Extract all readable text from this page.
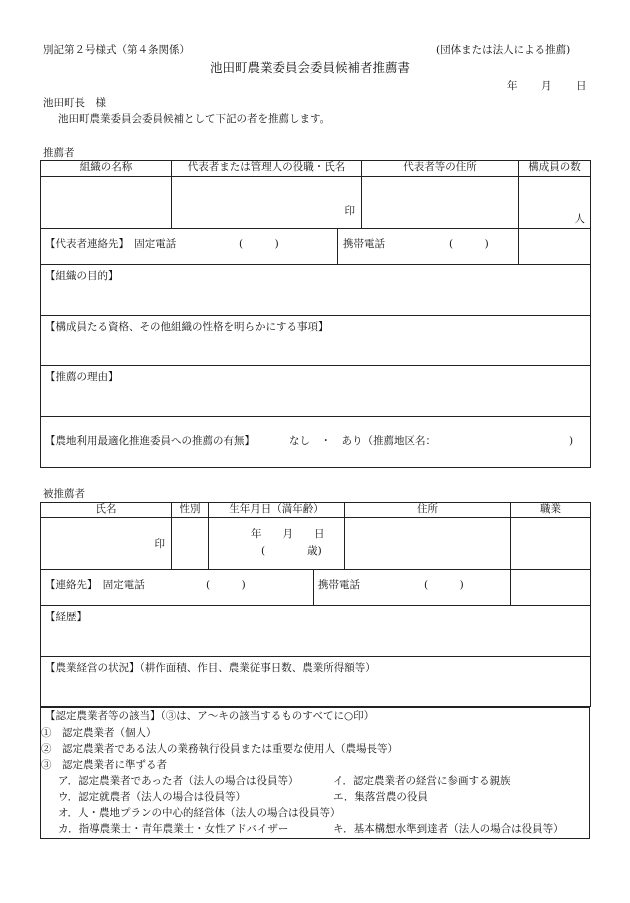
別記第２号様式（第４条関係）	(団体または法人による推薦)
池田町農業委員会委員候補者推薦書
年 月 日
池田町長　様
池田町農業委員会委員候補として下記の者を推薦します。
推薦者
組織の名称	代表者または管理人の役職・氏名	代表者等の住所	構成員の数

	印		人

【代表者連絡先】　固定電話 (　　　) 携帯電話 (　　　)			

【組織の目的】			

【構成員たる資格、その他組織の性格を明らかにする事項】			

【推薦の理由】			

【農地利用最適化推進委員への推薦の有無】 なし　・　あり（推薦地区名： )			
被推薦者
氏名	性別	生年月日（満年齢）	住所	職業

印		年　　月　　日
(　　　　歳)		

【連絡先】　固定電話 (　　　) 携帯電話 (　　　)				

【経歴】				

【農業経営の状況】（耕作面積、作目、農業従事日数、農業所得額等）				
【認定農業者等の該当】（③は、ア〜キの該当するものすべてに○印）
①　認定農業者（個人）
②　認定農業者である法人の業務執行役員または重要な使用人（農場長等）
③　認定農業者に準ずる者
ア．認定農業者であった者（法人の場合は役員等）	イ．認定農業者の経営に参画する親族
ウ．認定就農者（法人の場合は役員等）	エ．集落営農の役員
オ．人・農地プランの中心的経営体（法人の場合は役員等）
カ．指導農業士・青年農業士・女性アドバイザー	キ．基本構想水準到達者（法人の場合は役員等）
